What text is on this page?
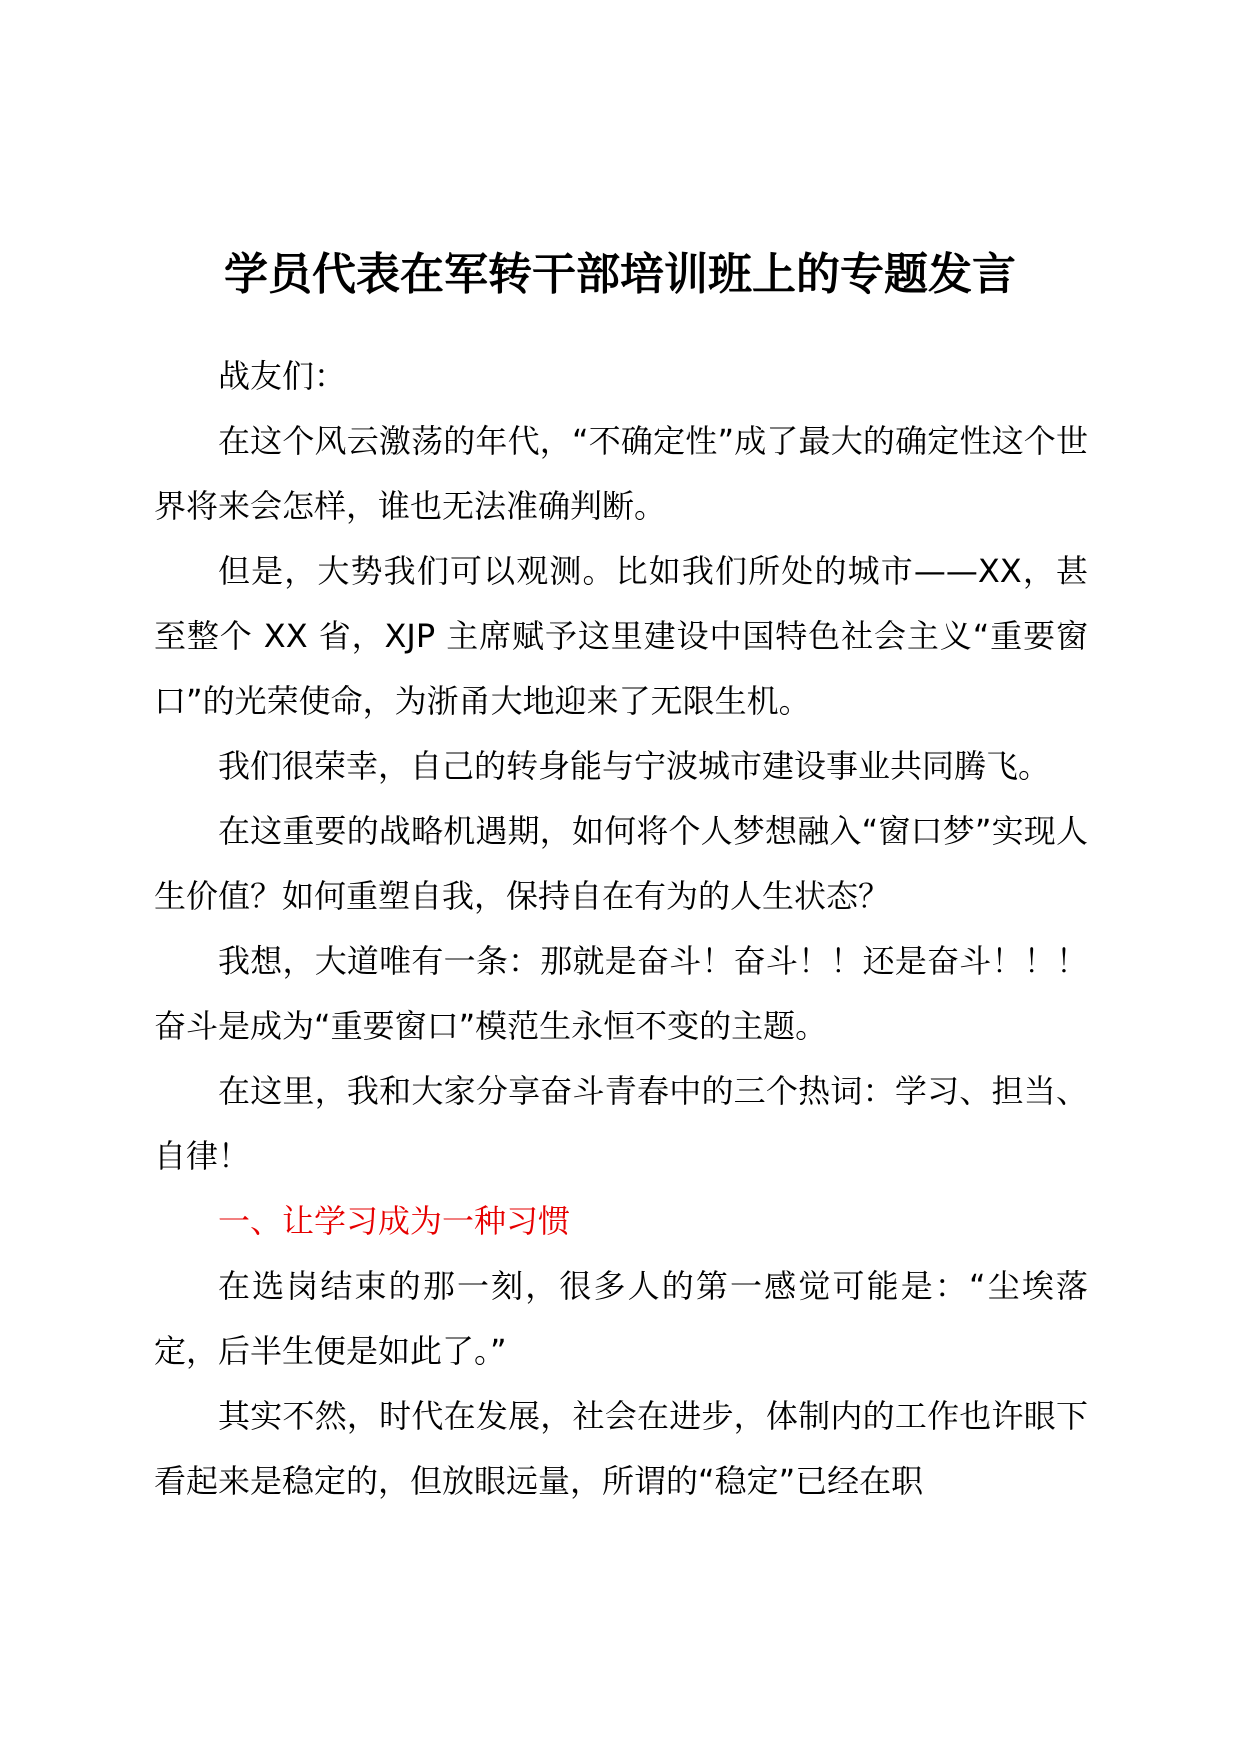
学员代表在军转干部培训班上的专题发言

战友们：

在这个风云激荡的年代，“不确定性”成了最大的确定性这个世界将来会怎样，谁也无法准确判断。

但是，大势我们可以观测。比如我们所处的城市——XX，甚至整个 XX 省，XJP 主席赋予这里建设中国特色社会主义“重要窗口”的光荣使命，为浙甬大地迎来了无限生机。

我们很荣幸，自己的转身能与宁波城市建设事业共同腾飞。

在这重要的战略机遇期，如何将个人梦想融入“窗口梦”实现人生价值？如何重塑自我，保持自在有为的人生状态？

我想，大道唯有一条：那就是奋斗！奋斗！！还是奋斗！！！奋斗是成为“重要窗口”模范生永恒不变的主题。

在这里，我和大家分享奋斗青春中的三个热词：学习、担当、自律！

一、让学习成为一种习惯

在选岗结束的那一刻，很多人的第一感觉可能是：“尘埃落定，后半生便是如此了。”

其实不然，时代在发展，社会在进步，体制内的工作也许眼下看起来是稳定的，但放眼远量，所谓的“稳定”已经在职
